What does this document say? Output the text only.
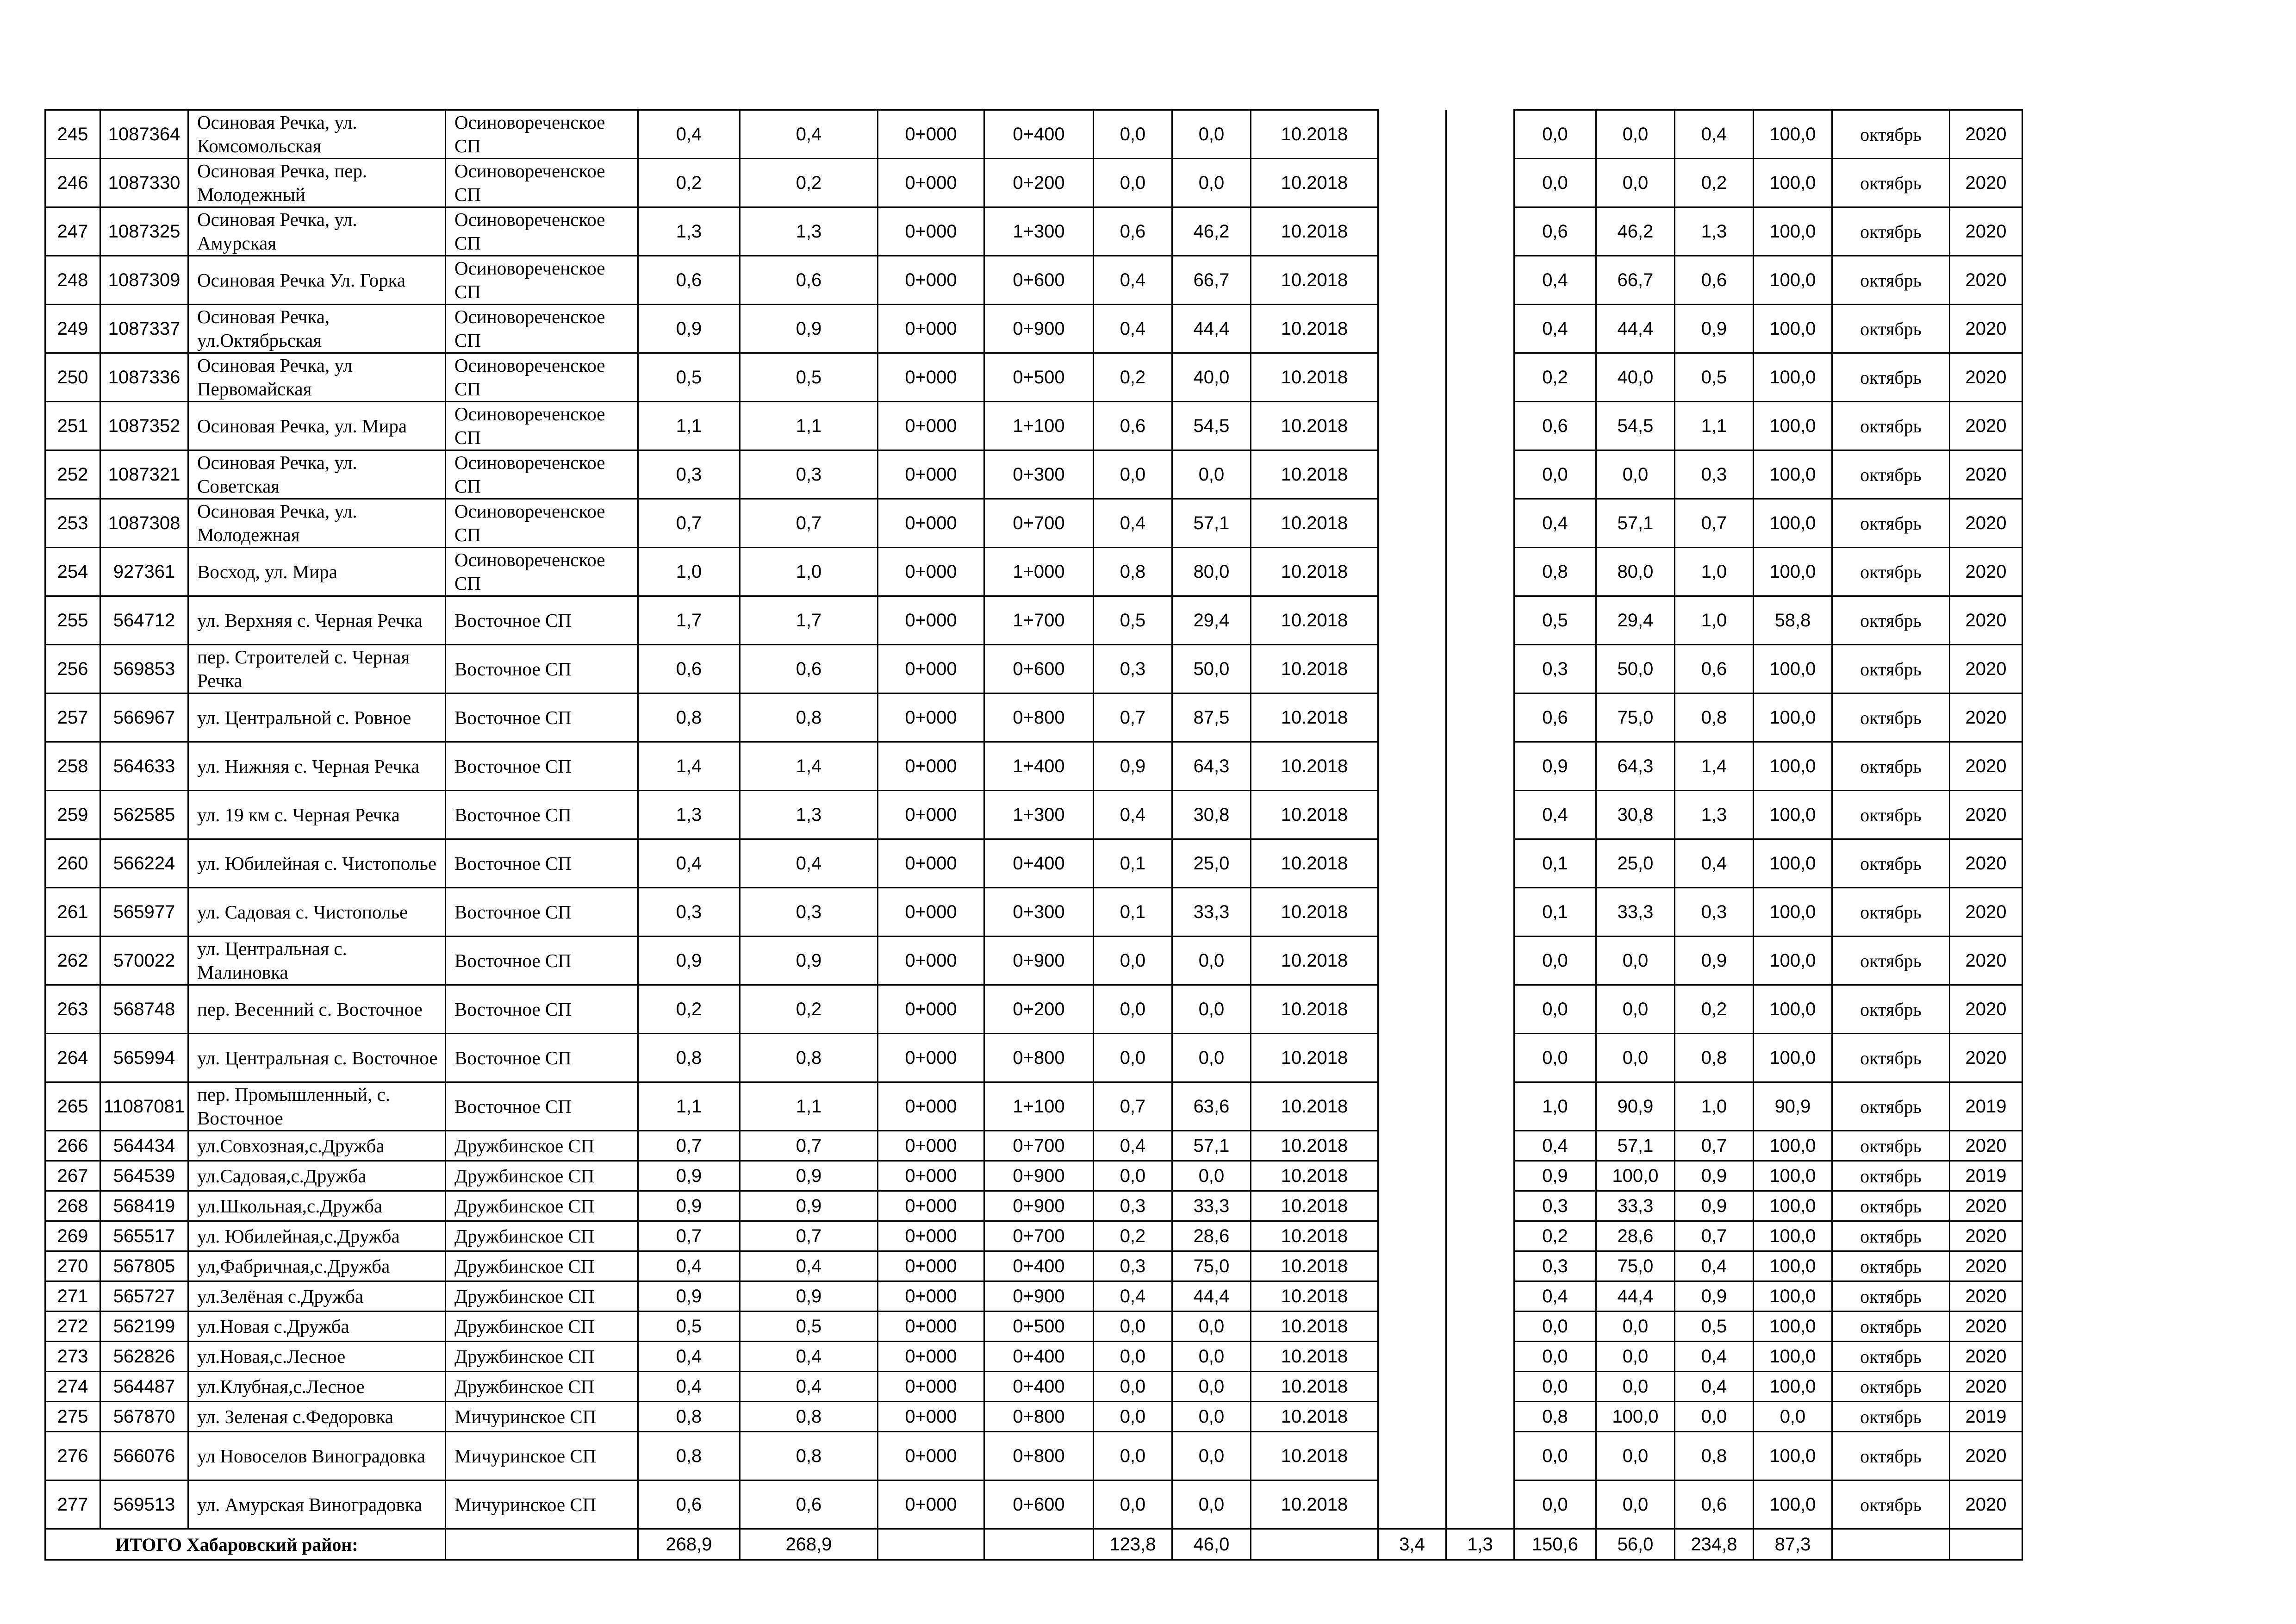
245	1087364	Осиновая Речка, ул. Комсомольская	Осиновореченское СП	0,4	0,4	0+000	0+400	0,0	0,0	10.2018			0,0	0,0	0,4	100,0	октябрь	2020
246	1087330	Осиновая Речка, пер. Молодежный	Осиновореченское СП	0,2	0,2	0+000	0+200	0,0	0,0	10.2018			0,0	0,0	0,2	100,0	октябрь	2020
247	1087325	Осиновая Речка, ул. Амурская	Осиновореченское СП	1,3	1,3	0+000	1+300	0,6	46,2	10.2018			0,6	46,2	1,3	100,0	октябрь	2020
248	1087309	Осиновая Речка Ул. Горка	Осиновореченское СП	0,6	0,6	0+000	0+600	0,4	66,7	10.2018			0,4	66,7	0,6	100,0	октябрь	2020
249	1087337	Осиновая Речка, ул.Октябрьская	Осиновореченское СП	0,9	0,9	0+000	0+900	0,4	44,4	10.2018			0,4	44,4	0,9	100,0	октябрь	2020
250	1087336	Осиновая Речка, ул Первомайская	Осиновореченское СП	0,5	0,5	0+000	0+500	0,2	40,0	10.2018			0,2	40,0	0,5	100,0	октябрь	2020
251	1087352	Осиновая Речка, ул. Мира	Осиновореченское СП	1,1	1,1	0+000	1+100	0,6	54,5	10.2018			0,6	54,5	1,1	100,0	октябрь	2020
252	1087321	Осиновая Речка, ул. Советская	Осиновореченское СП	0,3	0,3	0+000	0+300	0,0	0,0	10.2018			0,0	0,0	0,3	100,0	октябрь	2020
253	1087308	Осиновая Речка, ул. Молодежная	Осиновореченское СП	0,7	0,7	0+000	0+700	0,4	57,1	10.2018			0,4	57,1	0,7	100,0	октябрь	2020
254	927361	Восход, ул. Мира	Осиновореченское СП	1,0	1,0	0+000	1+000	0,8	80,0	10.2018			0,8	80,0	1,0	100,0	октябрь	2020
255	564712	ул. Верхняя с. Черная Речка	Восточное СП	1,7	1,7	0+000	1+700	0,5	29,4	10.2018			0,5	29,4	1,0	58,8	октябрь	2020
256	569853	пер. Строителей с. Черная Речка	Восточное СП	0,6	0,6	0+000	0+600	0,3	50,0	10.2018			0,3	50,0	0,6	100,0	октябрь	2020
257	566967	ул. Центральной с. Ровное	Восточное СП	0,8	0,8	0+000	0+800	0,7	87,5	10.2018			0,6	75,0	0,8	100,0	октябрь	2020
258	564633	ул. Нижняя с. Черная Речка	Восточное СП	1,4	1,4	0+000	1+400	0,9	64,3	10.2018			0,9	64,3	1,4	100,0	октябрь	2020
259	562585	ул. 19 км с. Черная Речка	Восточное СП	1,3	1,3	0+000	1+300	0,4	30,8	10.2018			0,4	30,8	1,3	100,0	октябрь	2020
260	566224	ул. Юбилейная с. Чистополье	Восточное СП	0,4	0,4	0+000	0+400	0,1	25,0	10.2018			0,1	25,0	0,4	100,0	октябрь	2020
261	565977	ул. Садовая с. Чистополье	Восточное СП	0,3	0,3	0+000	0+300	0,1	33,3	10.2018			0,1	33,3	0,3	100,0	октябрь	2020
262	570022	ул. Центральная с. Малиновка	Восточное СП	0,9	0,9	0+000	0+900	0,0	0,0	10.2018			0,0	0,0	0,9	100,0	октябрь	2020
263	568748	пер. Весенний с. Восточное	Восточное СП	0,2	0,2	0+000	0+200	0,0	0,0	10.2018			0,0	0,0	0,2	100,0	октябрь	2020
264	565994	ул. Центральная с. Восточное	Восточное СП	0,8	0,8	0+000	0+800	0,0	0,0	10.2018			0,0	0,0	0,8	100,0	октябрь	2020
265	11087081	пер. Промышленный, с. Восточное	Восточное СП	1,1	1,1	0+000	1+100	0,7	63,6	10.2018			1,0	90,9	1,0	90,9	октябрь	2019
266	564434	ул.Совхозная,с.Дружба	Дружбинскоe СП	0,7	0,7	0+000	0+700	0,4	57,1	10.2018			0,4	57,1	0,7	100,0	октябрь	2020
267	564539	ул.Садовая,с.Дружба	Дружбинскоe СП	0,9	0,9	0+000	0+900	0,0	0,0	10.2018			0,9	100,0	0,9	100,0	октябрь	2019
268	568419	ул.Школьная,с.Дружба	Дружбинскоe СП	0,9	0,9	0+000	0+900	0,3	33,3	10.2018			0,3	33,3	0,9	100,0	октябрь	2020
269	565517	ул. Юбилейная,с.Дружба	Дружбинскоe СП	0,7	0,7	0+000	0+700	0,2	28,6	10.2018			0,2	28,6	0,7	100,0	октябрь	2020
270	567805	ул,Фабричная,с.Дружба	Дружбинскоe СП	0,4	0,4	0+000	0+400	0,3	75,0	10.2018			0,3	75,0	0,4	100,0	октябрь	2020
271	565727	ул.Зелёная с.Дружба	Дружбинскоe СП	0,9	0,9	0+000	0+900	0,4	44,4	10.2018			0,4	44,4	0,9	100,0	октябрь	2020
272	562199	ул.Новая с.Дружба	Дружбинскоe СП	0,5	0,5	0+000	0+500	0,0	0,0	10.2018			0,0	0,0	0,5	100,0	октябрь	2020
273	562826	ул.Новая,с.Лесное	Дружбинскоe СП	0,4	0,4	0+000	0+400	0,0	0,0	10.2018			0,0	0,0	0,4	100,0	октябрь	2020
274	564487	ул.Клубная,с.Лесное	Дружбинскоe СП	0,4	0,4	0+000	0+400	0,0	0,0	10.2018			0,0	0,0	0,4	100,0	октябрь	2020
275	567870	ул. Зеленая с.Федоровка	Мичуринское СП	0,8	0,8	0+000	0+800	0,0	0,0	10.2018			0,8	100,0	0,0	0,0	октябрь	2019
276	566076	ул Новоселов Виноградовка	Мичуринское СП	0,8	0,8	0+000	0+800	0,0	0,0	10.2018			0,0	0,0	0,8	100,0	октябрь	2020
277	569513	ул. Амурская Виноградовка	Мичуринское СП	0,6	0,6	0+000	0+600	0,0	0,0	10.2018			0,0	0,0	0,6	100,0	октябрь	2020
ИТОГО Хабаровский район:				268,9	268,9			123,8	46,0		3,4	1,3	150,6	56,0	234,8	87,3		
